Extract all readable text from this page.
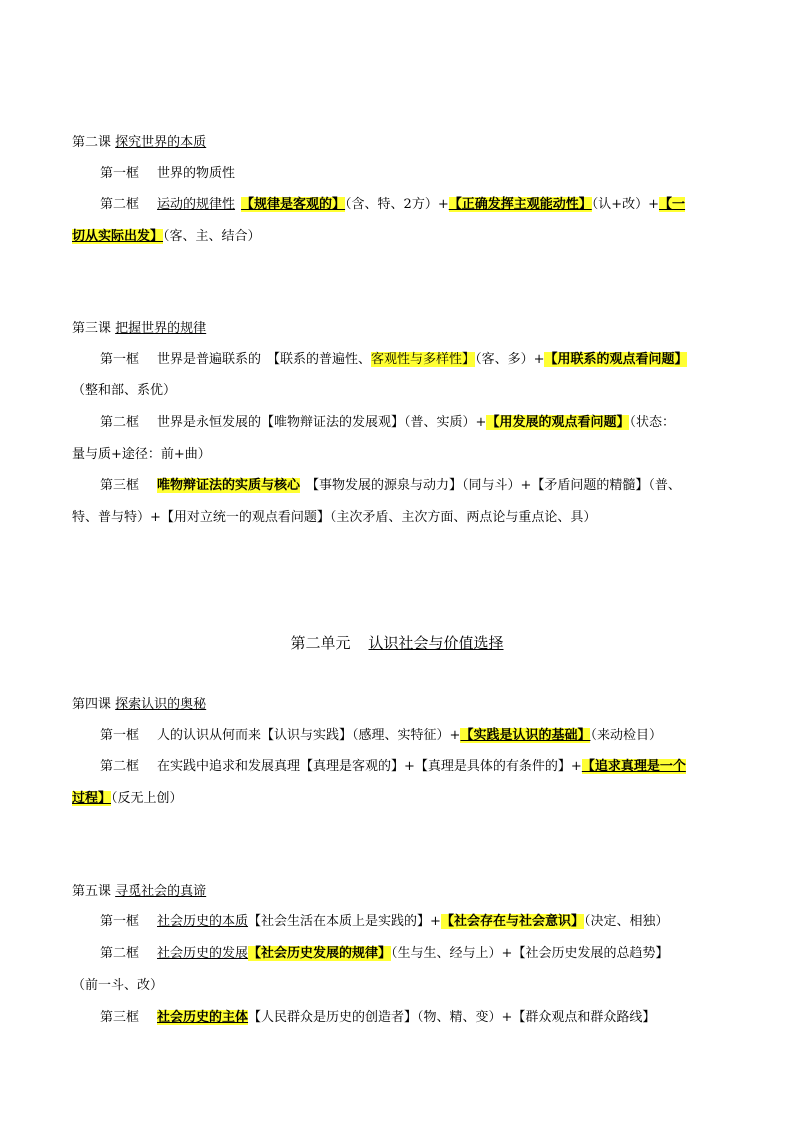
第二课 探究世界的本质
第一框 世界的物质性
第二框 运动的规律性 【规律是客观的】（含、特、2方）+【正确发挥主观能动性】（认+改）+【一
切从实际出发】（客、主、结合）
第三课 把握世界的规律
第一框 世界是普遍联系的 【联系的普遍性、客观性与多样性】（客、多）+【用联系的观点看问题】
（整和部、系优）
第二框 世界是永恒发展的【唯物辩证法的发展观】（普、实质）+【用发展的观点看问题】（状态：
量与质+途径：前+曲）
第三框 唯物辩证法的实质与核心 【事物发展的源泉与动力】（同与斗）+【矛盾问题的精髓】（普、
特、普与特）+【用对立统一的观点看问题】（主次矛盾、主次方面、两点论与重点论、具）
第二单元 认识社会与价值选择
第四课 探索认识的奥秘
第一框 人的认识从何而来【认识与实践】（感理、实特征）+【实践是认识的基础】（来动检目）
第二框 在实践中追求和发展真理【真理是客观的】+【真理是具体的有条件的】+【追求真理是一个
过程】（反无上创）
第五课 寻觅社会的真谛
第一框 社会历史的本质【社会生活在本质上是实践的】+【社会存在与社会意识】（决定、相独）
第二框 社会历史的发展【社会历史发展的规律】（生与生、经与上）+【社会历史发展的总趋势】
（前一斗、改）
第三框 社会历史的主体【人民群众是历史的创造者】（物、精、变）+【群众观点和群众路线】
